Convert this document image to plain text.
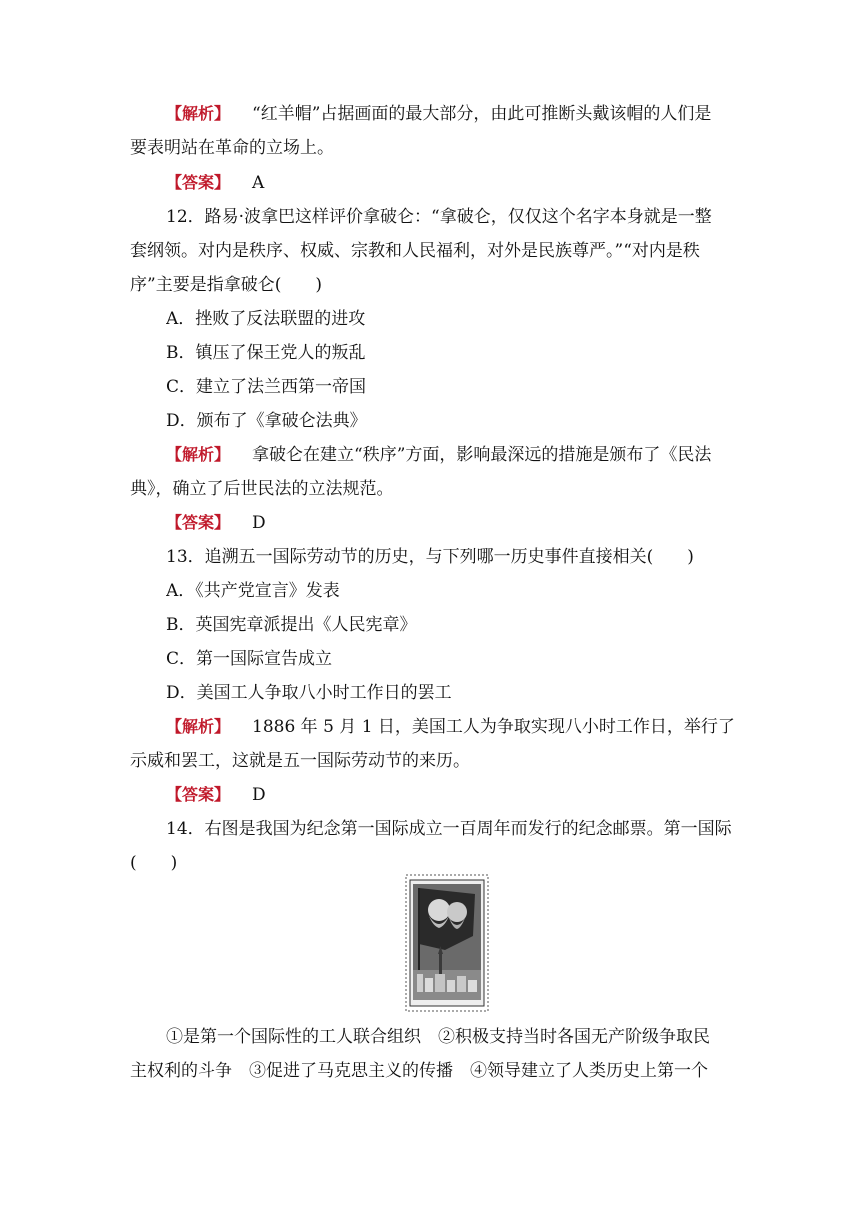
【解析】 “红羊帽”占据画面的最大部分，由此可推断头戴该帽的人们是
要表明站在革命的立场上。
【答案】 A
12．路易·波拿巴这样评价拿破仑：“拿破仑，仅仅这个名字本身就是一整
套纲领。对内是秩序、权威、宗教和人民福利，对外是民族尊严。”“对内是秩
序”主要是指拿破仑(　　)
A．挫败了反法联盟的进攻
B．镇压了保王党人的叛乱
C．建立了法兰西第一帝国
D．颁布了《拿破仑法典》
【解析】 拿破仑在建立“秩序”方面，影响最深远的措施是颁布了《民法
典》，确立了后世民法的立法规范。
【答案】 D
13．追溯五一国际劳动节的历史，与下列哪一历史事件直接相关(　　)
A．《共产党宣言》发表
B．英国宪章派提出《人民宪章》
C．第一国际宣告成立
D．美国工人争取八小时工作日的罢工
【解析】 1886 年 5 月 1 日，美国工人为争取实现八小时工作日，举行了
示威和罢工，这就是五一国际劳动节的来历。
【答案】 D
14．右图是我国为纪念第一国际成立一百周年而发行的纪念邮票。第一国际
(　　)
①是第一个国际性的工人联合组织　②积极支持当时各国无产阶级争取民
主权利的斗争　③促进了马克思主义的传播　④领导建立了人类历史上第一个
